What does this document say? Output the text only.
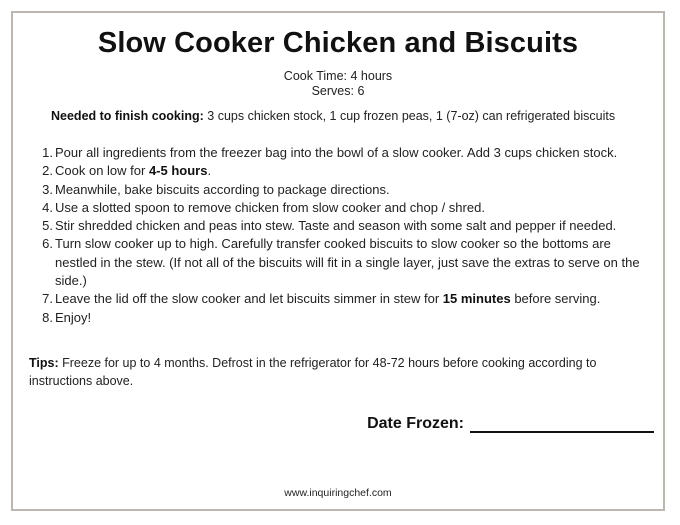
Slow Cooker Chicken and Biscuits
Cook Time: 4 hours
Serves: 6
Needed to finish cooking: 3 cups chicken stock, 1 cup frozen peas, 1 (7-oz) can refrigerated biscuits
1. Pour all ingredients from the freezer bag into the bowl of a slow cooker. Add 3 cups chicken stock.
2. Cook on low for 4-5 hours.
3. Meanwhile, bake biscuits according to package directions.
4. Use a slotted spoon to remove chicken from slow cooker and chop / shred.
5. Stir shredded chicken and peas into stew. Taste and season with some salt and pepper if needed.
6. Turn slow cooker up to high. Carefully transfer cooked biscuits to slow cooker so the bottoms are nestled in the stew. (If not all of the biscuits will fit in a single layer, just save the extras to serve on the side.)
7. Leave the lid off the slow cooker and let biscuits simmer in stew for 15 minutes before serving.
8. Enjoy!
Tips: Freeze for up to 4 months. Defrost in the refrigerator for 48-72 hours before cooking according to instructions above.
Date Frozen:
www.inquiringchef.com
